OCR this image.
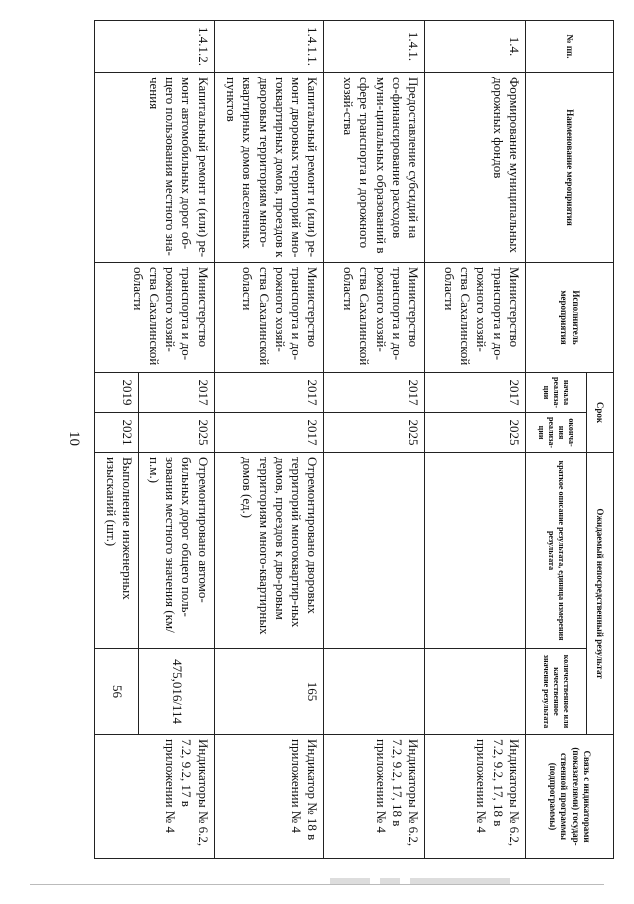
10
№ пп.	Наименование мероприятия	Исполнитель мероприятия	Срок		Ожидаемый непосредственный результат		Связь с индикаторами (показателями) государ-ственной программы (подпрограммы)
			начала реализа-ции	оконча-ния реализа-ции	краткое описание результата, единица измерения результата	количественное или качественное значение результата	
1.4.	Формирование муниципальных дорожных фондов	Министерство транспорта и до-рожного хозяй-ства Сахалинской области	2017	2025			Индикаторы № 6.2, 7.2, 9.2, 17, 18 в приложении № 4
1.4.1.	Предоставление субсидий на со-финансирование расходов муни-ципальных образований в сфере транспорта и дорожного хозяй-ства	Министерство транспорта и до-рожного хозяй-ства Сахалинской области	2017	2025			Индикаторы № 6.2, 7.2, 9.2, 17, 18 в приложении № 4
1.4.1.1.	Капитальный ремонт и (или) ре-монт дворовых территорий мно-гоквартирных домов, проездов к дворовым территориям много-квартирных домов населенных пунктов	Министерство транспорта и до-рожного хозяй-ства Сахалинской области	2017	2017	Отремонтировано дворовых территорий многоквартир-ных домов, проездов к дво-ровым территориям много-квартирных домов (ед.)	165	Индикатор № 18 в приложении № 4
1.4.1.2.	Капитальный ремонт и (или) ре-монт автомобильных дорог об-щего пользования местного зна-чения	Министерство транспорта и до-рожного хозяй-ства Сахалинской области	2017	2025	Отремонтировано автомо-бильных дорог общего поль-зования местного значения (км/п.м.)	475,016/114	Индикаторы № 6.2, 7.2, 9.2, 17 в приложении № 4
			2019	2021	Выполнение инженерных изысканий (шт.)	56	
